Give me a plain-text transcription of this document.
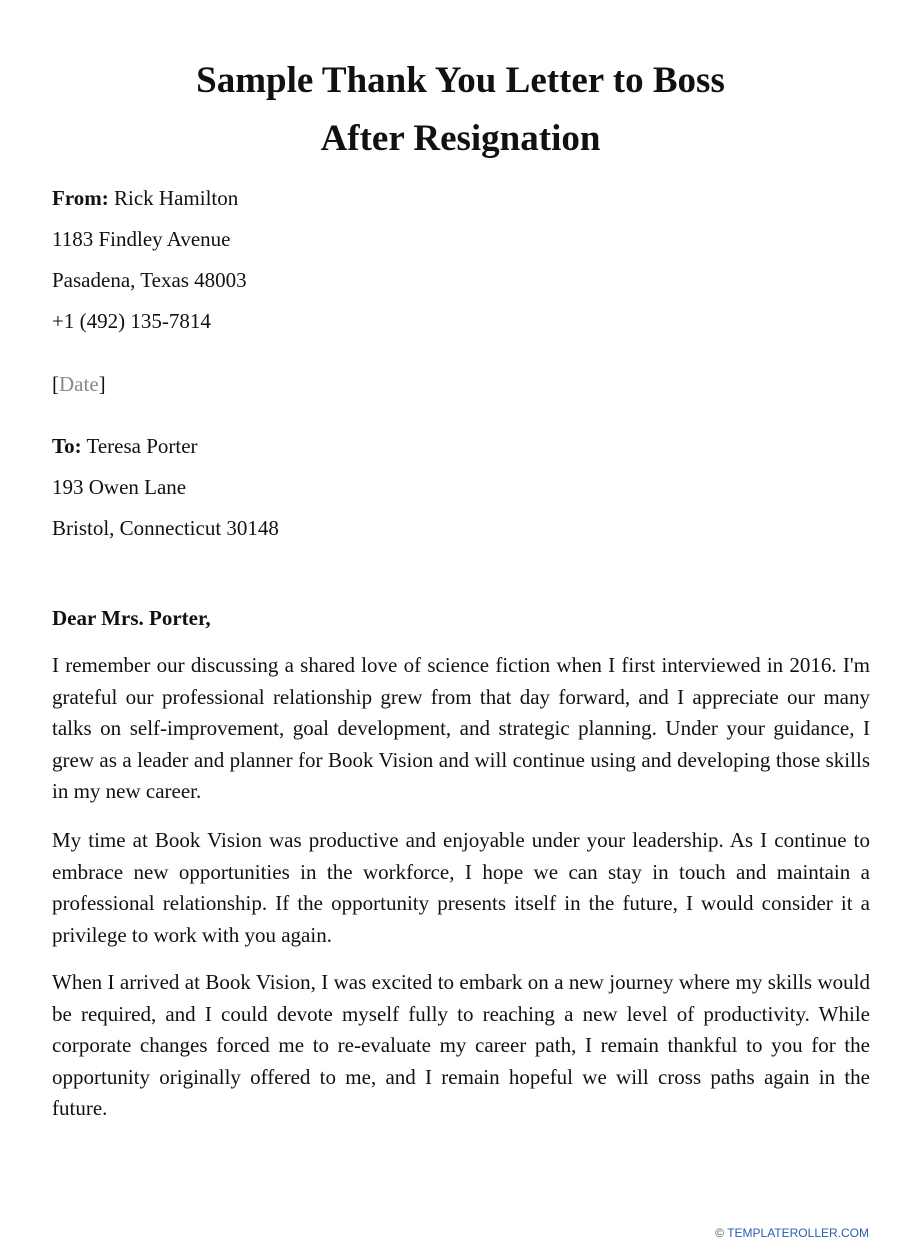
Sample Thank You Letter to Boss
After Resignation
From: Rick Hamilton
1183 Findley Avenue
Pasadena, Texas 48003
+1 (492) 135-7814
[Date]
To: Teresa Porter
193 Owen Lane
Bristol, Connecticut 30148

Dear Mrs. Porter,

I remember our discussing a shared love of science fiction when I first interviewed in 2016. I'm grateful our professional relationship grew from that day forward, and I appreciate our many talks on self-improvement, goal development, and strategic planning. Under your guidance, I grew as a leader and planner for Book Vision and will continue using and developing those skills in my new career.

My time at Book Vision was productive and enjoyable under your leadership. As I continue to embrace new opportunities in the workforce, I hope we can stay in touch and maintain a professional relationship. If the opportunity presents itself in the future, I would consider it a privilege to work with you again.

When I arrived at Book Vision, I was excited to embark on a new journey where my skills would be required, and I could devote myself fully to reaching a new level of productivity. While corporate changes forced me to re-evaluate my career path, I remain thankful to you for the opportunity originally offered to me, and I remain hopeful we will cross paths again in the future.

© TEMPLATEROLLER.COM
